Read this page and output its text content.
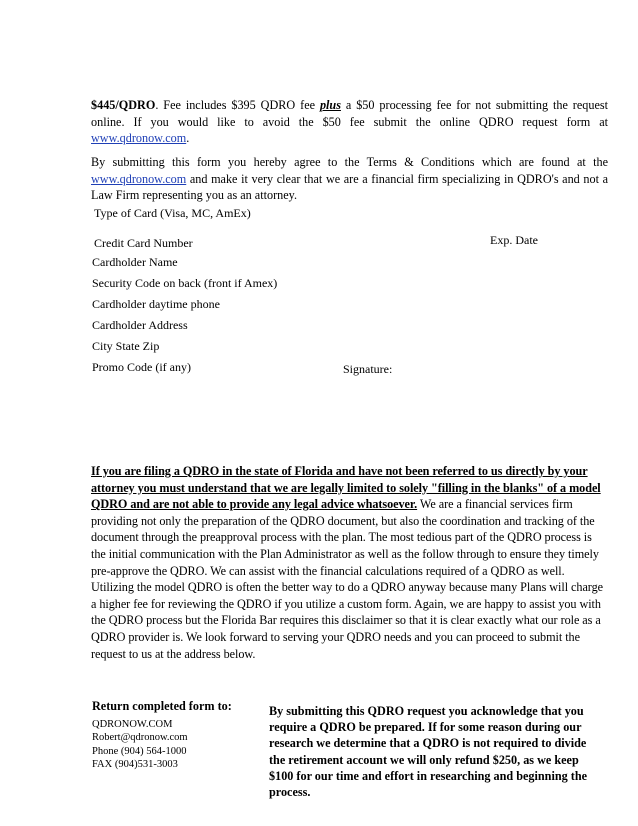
$445/QDRO. Fee includes $395 QDRO fee plus a $50 processing fee for not submitting the request online. If you would like to avoid the $50 fee submit the online QDRO request form at www.qdronow.com.
By submitting this form you hereby agree to the Terms & Conditions which are found at the www.qdronow.com and make it very clear that we are a financial firm specializing in QDRO's and not a Law Firm representing you as an attorney.
Type of Card (Visa, MC, AmEx)
Credit Card Number	Exp. Date
Cardholder Name
Security Code on back (front if Amex)
Cardholder daytime phone
Cardholder Address
City State Zip
Promo Code (if any)	Signature:
If you are filing a QDRO in the state of Florida and have not been referred to us directly by your attorney you must understand that we are legally limited to solely "filling in the blanks" of a model QDRO and are not able to provide any legal advice whatsoever. We are a financial services firm providing not only the preparation of the QDRO document, but also the coordination and tracking of the document through the preapproval process with the plan. The most tedious part of the QDRO process is the initial communication with the Plan Administrator as well as the follow through to ensure they timely pre-approve the QDRO. We can assist with the financial calculations required of a QDRO as well. Utilizing the model QDRO is often the better way to do a QDRO anyway because many Plans will charge a higher fee for reviewing the QDRO if you utilize a custom form. Again, we are happy to assist you with the QDRO process but the Florida Bar requires this disclaimer so that it is clear exactly what our role as a QDRO provider is. We look forward to serving your QDRO needs and you can proceed to submit the request to us at the address below.
Return completed form to:
QDRONOW.COM
Robert@qdronow.com
Phone (904) 564-1000
FAX (904)531-3003
By submitting this QDRO request you acknowledge that you require a QDRO be prepared. If for some reason during our research we determine that a QDRO is not required to divide the retirement account we will only refund $250, as we keep $100 for our time and effort in researching and beginning the process.
